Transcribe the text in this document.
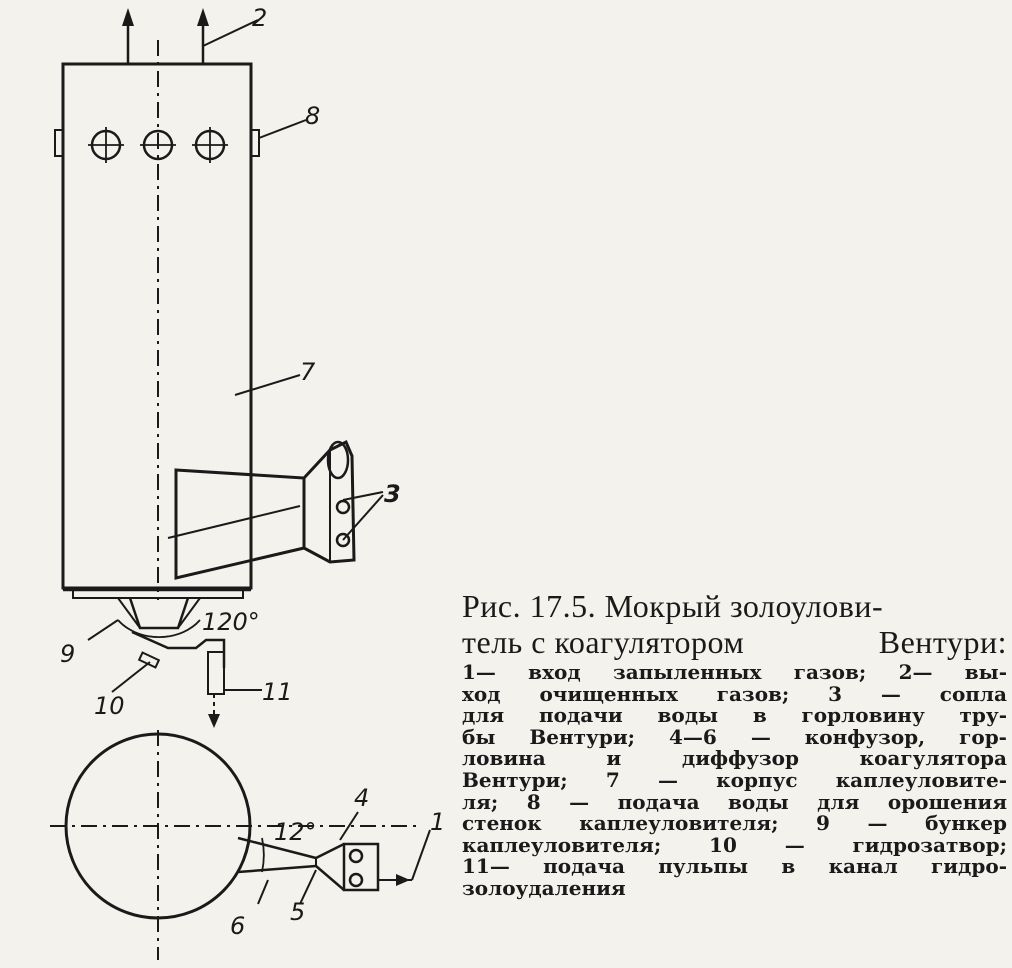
2
8
7
3
120°
9
10	11
4
12°	1
6 5
Рис. 17.5. Мокрый золоулови-
тель с коагулятором	Вентури:
1— вход запыленных газов; 2— вы-
ход очищенных газов; 3 — сопла
для подачи воды в горловину тру-
бы Вентури; 4—6 — конфузор, гор-
ловина и диффузор коагулятора
Вентури; 7 — корпус каплеуловите-
ля; 8 — подача воды для орошения
стенок каплеуловителя; 9 — бункер
каплеуловителя; 10 — гидрозатвор;
11— подача пульпы в канал гидро-
золоудаления
